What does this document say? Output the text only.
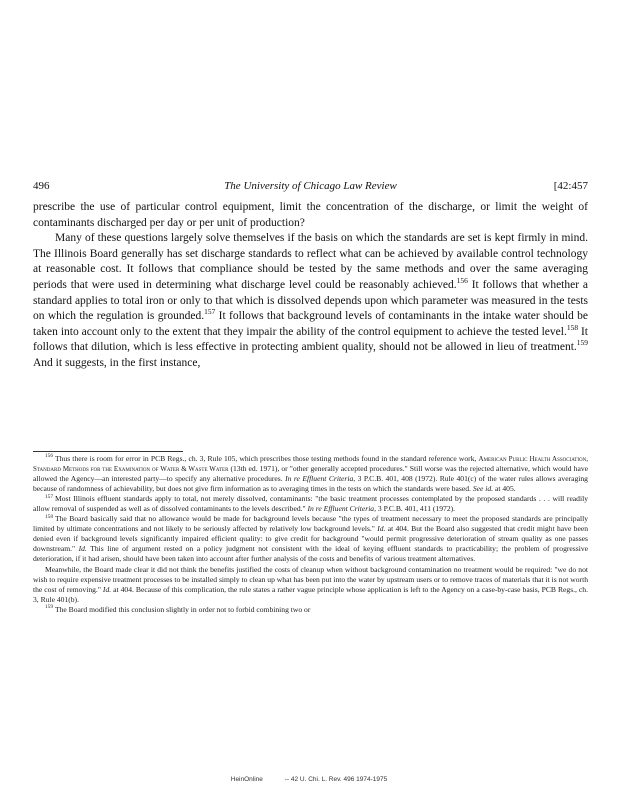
496	The University of Chicago Law Review	[42:457

prescribe the use of particular control equipment, limit the concentration of the discharge, or limit the weight of contaminants discharged per day or per unit of production?

Many of these questions largely solve themselves if the basis on which the standards are set is kept firmly in mind. The Illinois Board generally has set discharge standards to reflect what can be achieved by available control technology at reasonable cost. It follows that compliance should be tested by the same methods and over the same averaging periods that were used in determining what discharge level could be reasonably achieved.$^{156}$ It follows that whether a standard applies to total iron or only to that which is dissolved depends upon which parameter was measured in the tests on which the regulation is grounded.$^{157}$ It follows that background levels of contaminants in the intake water should be taken into account only to the extent that they impair the ability of the control equipment to achieve the tested level.$^{158}$ It follows that dilution, which is less effective in protecting ambient quality, should not be allowed in lieu of treatment.$^{159}$ And it suggests, in the first instance,

$^{156}$ Thus there is room for error in PCB Regs., ch. 3, Rule 105, which prescribes those testing methods found in the standard reference work, American Public Health Association, Standard Methods for the Examination of Water & Waste Water (13th ed. 1971), or "other generally accepted procedures." Still worse was the rejected alternative, which would have allowed the Agency—an interested party—to specify any alternative procedures. In re Effluent Criteria, 3 P.C.B. 401, 408 (1972). Rule 401(c) of the water rules allows averaging because of randomness of achievability, but does not give firm information as to averaging times in the tests on which the standards were based. See id. at 405.

$^{157}$ Most Illinois effluent standards apply to total, not merely dissolved, contaminants: "the basic treatment processes contemplated by the proposed standards . . . will readily allow removal of suspended as well as of dissolved contaminants to the levels described." In re Effluent Criteria, 3 P.C.B. 401, 411 (1972).

$^{158}$ The Board basically said that no allowance would be made for background levels because "the types of treatment necessary to meet the proposed standards are principally limited by ultimate concentrations and not likely to be seriously affected by relatively low background levels." Id. at 404. But the Board also suggested that credit might have been denied even if background levels significantly impaired efficient quality: to give credit for background "would permit progressive deterioration of stream quality as one passes downstream." Id. This line of argument rested on a policy judgment not consistent with the ideal of keying effluent standards to practicability; the problem of progressive deterioration, if it had arisen, should have been taken into account after further analysis of the costs and benefits of various treatment alternatives.

Meanwhile, the Board made clear it did not think the benefits justified the costs of cleanup when without background contamination no treatment would be required: "we do not wish to require expensive treatment processes to be installed simply to clean up what has been put into the water by upstream users or to remove traces of materials that it is not worth the cost of removing." Id. at 404. Because of this complication, the rule states a rather vague principle whose application is left to the Agency on a case-by-case basis, PCB Regs., ch. 3, Rule 401(b).

$^{159}$ The Board modified this conclusion slightly in order not to forbid combining two or

HeinOnline	-- 42 U. Chi. L. Rev. 496 1974-1975
